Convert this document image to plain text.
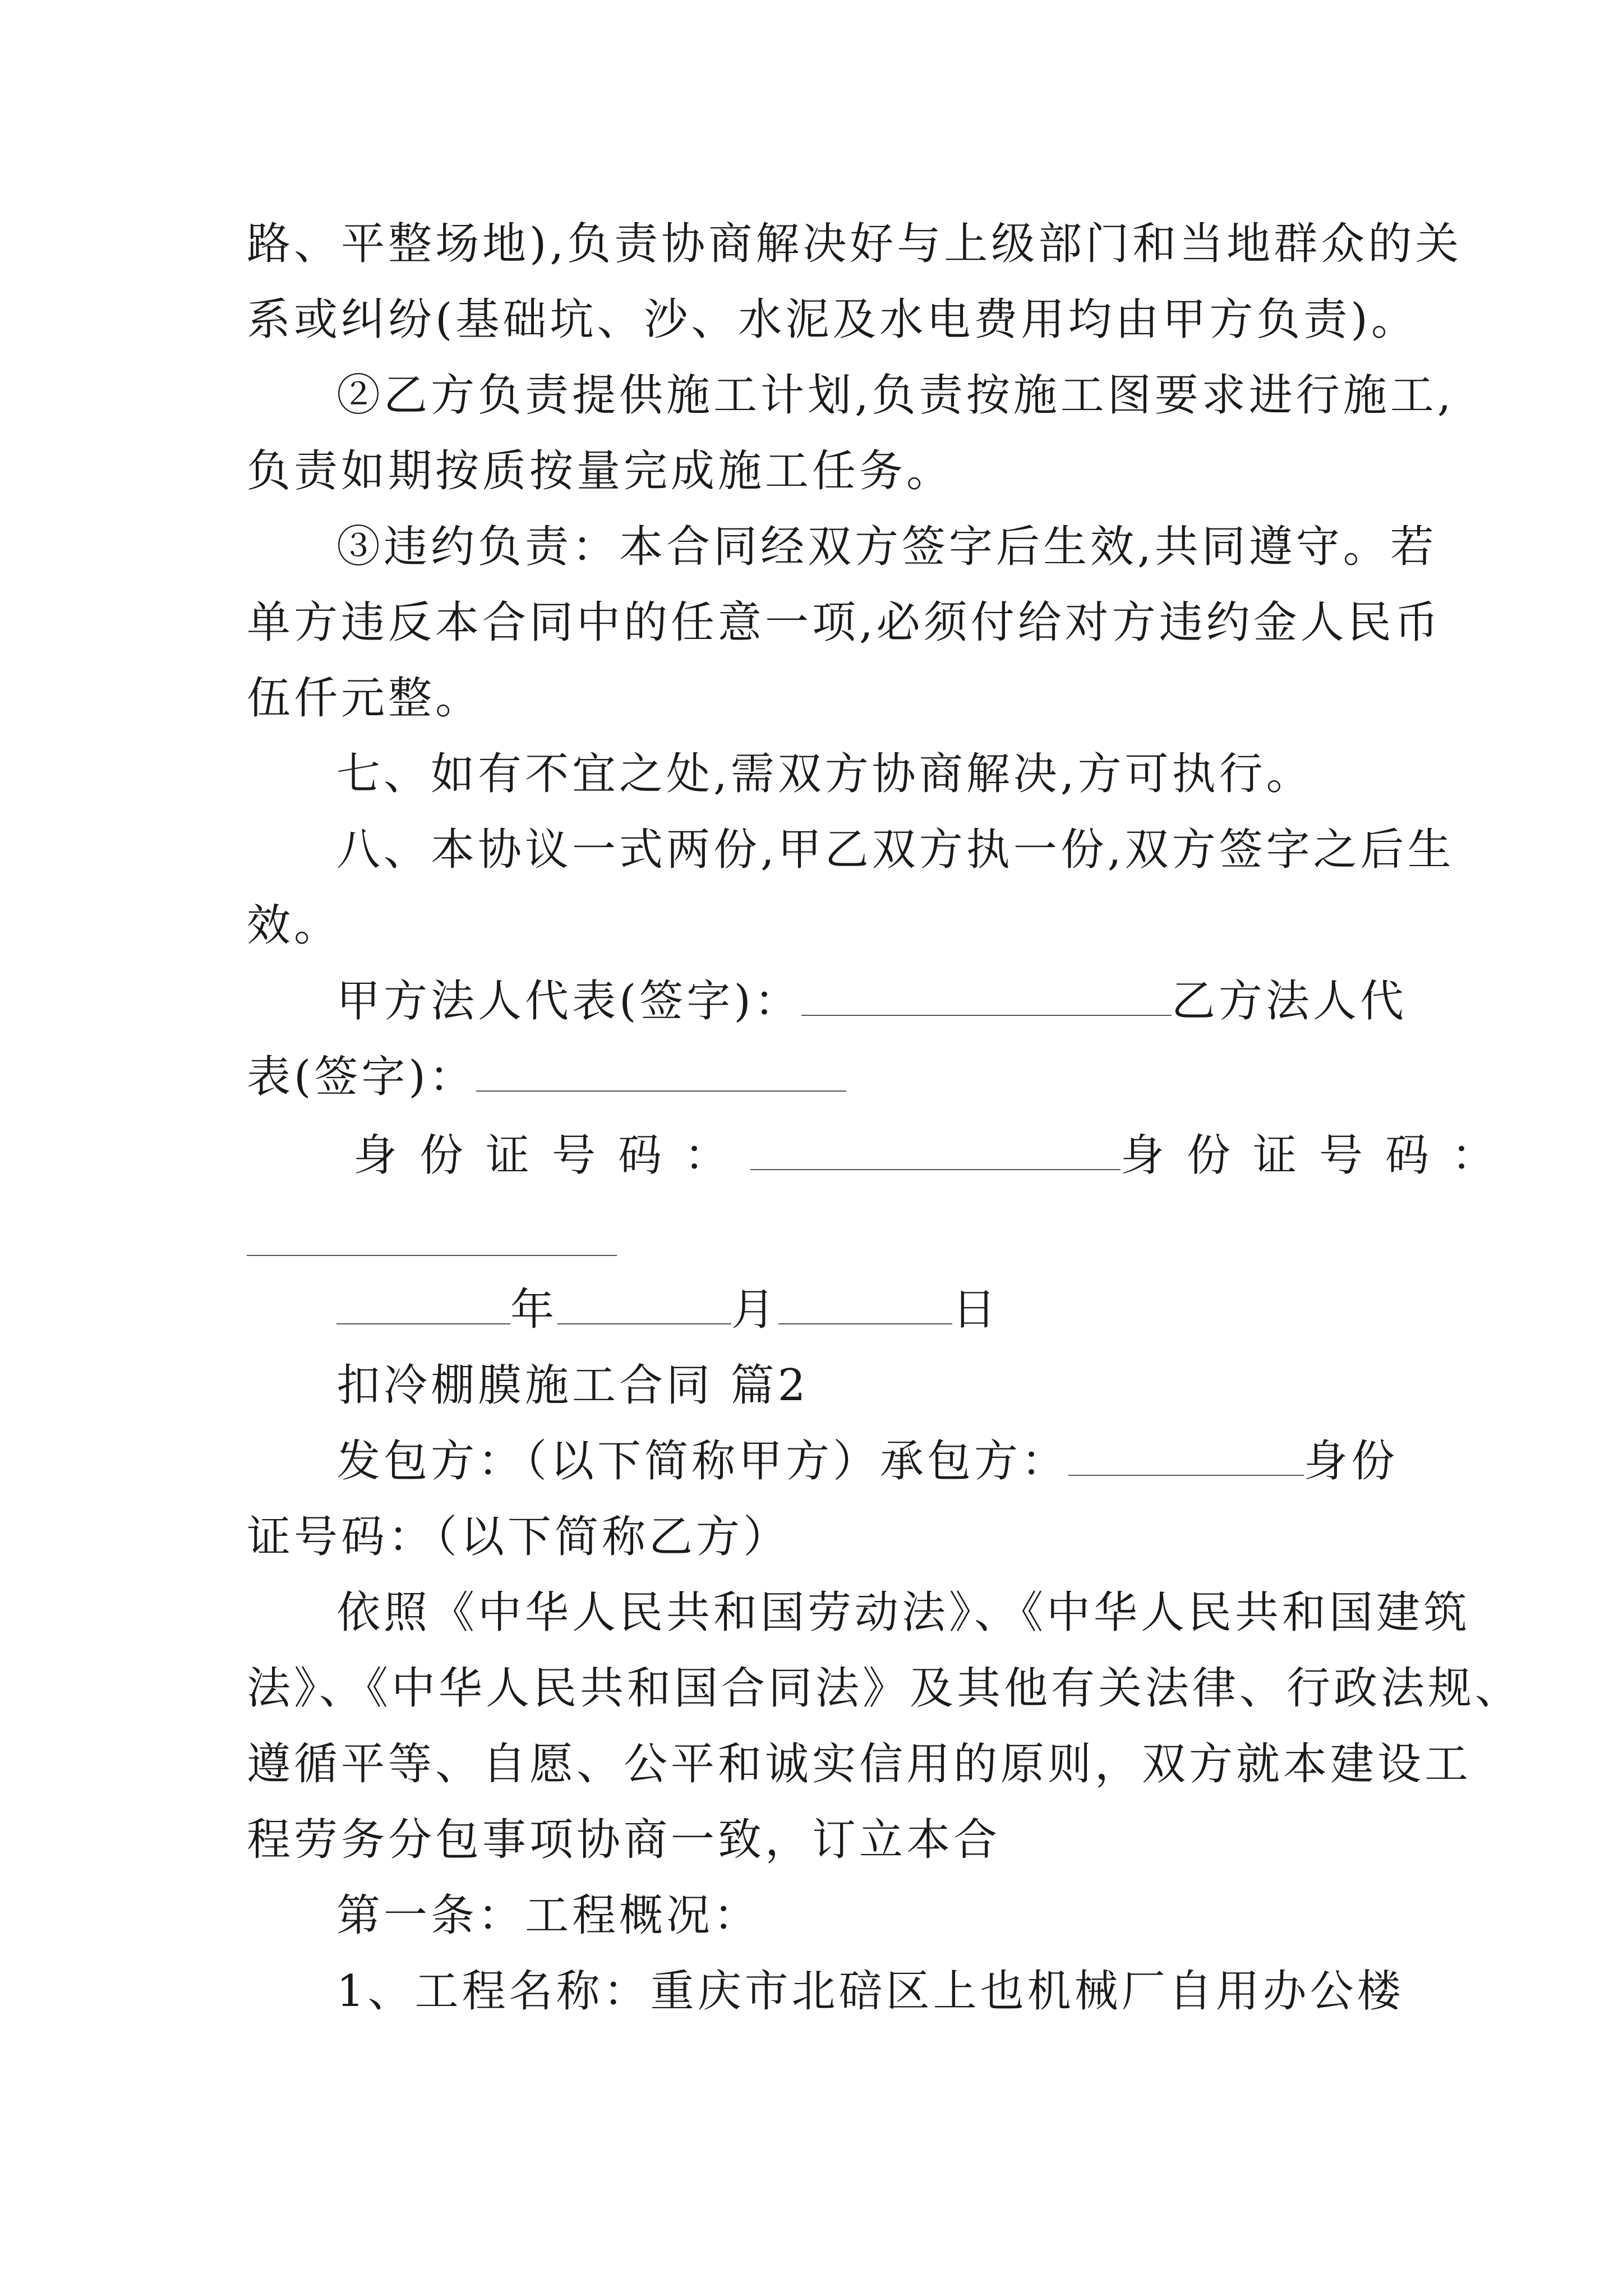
路、平整场地),负责协商解决好与上级部门和当地群众的关
系或纠纷(基础坑、沙、水泥及水电费用均由甲方负责)。
②乙方负责提供施工计划,负责按施工图要求进行施工,
负责如期按质按量完成施工任务。
③违约负责：本合同经双方签字后生效,共同遵守。若
单方违反本合同中的任意一项,必须付给对方违约金人民币
伍仟元整。
七、如有不宜之处,需双方协商解决,方可执行。
八、本协议一式两份,甲乙双方执一份,双方签字之后生
效。
甲方法人代表(签字)：	乙方法人代
表(签字)：
身份证号码：	身份证号码：
年	月	日
扣冷棚膜施工合同 篇2
发包方：（以下简称甲方）承包方：	身份
证号码：（以下简称乙方）
依照《中华人民共和国劳动法》、《中华人民共和国建筑
法》、《中华人民共和国合同法》及其他有关法律、行政法规、
遵循平等、自愿、公平和诚实信用的原则，双方就本建设工
程劳务分包事项协商一致，订立本合
第一条：工程概况：
1、工程名称：重庆市北碚区上也机械厂自用办公楼
